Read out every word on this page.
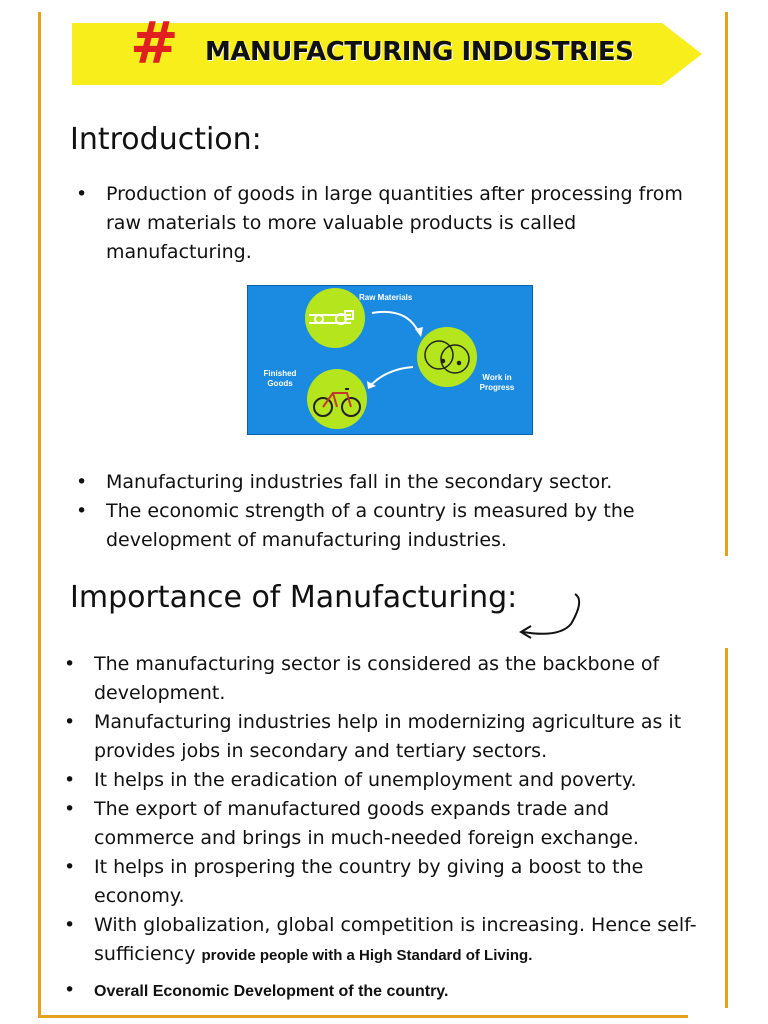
# MANUFACTURING INDUSTRIES
Introduction:
• Production of goods in large quantities after processing from raw materials to more valuable products is called manufacturing.
Raw Materials
Finished
Goods
Work in
Progress
• Manufacturing industries fall in the secondary sector.
• The economic strength of a country is measured by the development of manufacturing industries.
Importance of Manufacturing:
• The manufacturing sector is considered as the backbone of development.
• Manufacturing industries help in modernizing agriculture as it provides jobs in secondary and tertiary sectors.
• It helps in the eradication of unemployment and poverty.
• The export of manufactured goods expands trade and commerce and brings in much-needed foreign exchange.
• It helps in prospering the country by giving a boost to the economy.
• With globalization, global competition is increasing. Hence self-sufficiency provide people with a High Standard of Living.
• Overall Economic Development of the country.
